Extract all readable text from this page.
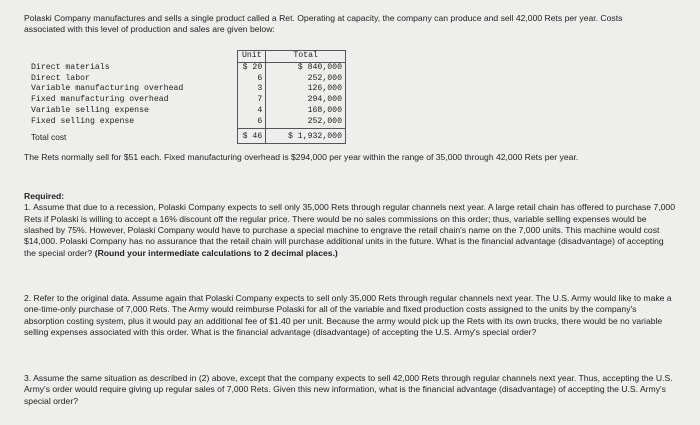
Polaski Company manufactures and sells a single product called a Ret. Operating at capacity, the company can produce and sell 42,000 Rets per year. Costs associated with this level of production and sales are given below:

	Unit	Total
Direct materials	$ 20	$ 840,000
Direct labor	6	252,000
Variable manufacturing overhead	3	126,000
Fixed manufacturing overhead	7	294,000
Variable selling expense	4	168,000
Fixed selling expense	6	252,000
Total cost	$ 46	$ 1,932,000

The Rets normally sell for $51 each. Fixed manufacturing overhead is $294,000 per year within the range of 35,000 through 42,000 Rets per year.

Required:

1. Assume that due to a recession, Polaski Company expects to sell only 35,000 Rets through regular channels next year. A large retail chain has offered to purchase 7,000 Rets if Polaski is willing to accept a 16% discount off the regular price. There would be no sales commissions on this order; thus, variable selling expenses would be slashed by 75%. However, Polaski Company would have to purchase a special machine to engrave the retail chain's name on the 7,000 units. This machine would cost $14,000. Polaski Company has no assurance that the retail chain will purchase additional units in the future. What is the financial advantage (disadvantage) of accepting the special order? (Round your intermediate calculations to 2 decimal places.)

2. Refer to the original data. Assume again that Polaski Company expects to sell only 35,000 Rets through regular channels next year. The U.S. Army would like to make a one-time-only purchase of 7,000 Rets. The Army would reimburse Polaski for all of the variable and fixed production costs assigned to the units by the company's absorption costing system, plus it would pay an additional fee of $1.40 per unit. Because the army would pick up the Rets with its own trucks, there would be no variable selling expenses associated with this order. What is the financial advantage (disadvantage) of accepting the U.S. Army's special order?

3. Assume the same situation as described in (2) above, except that the company expects to sell 42,000 Rets through regular channels next year. Thus, accepting the U.S. Army's order would require giving up regular sales of 7,000 Rets. Given this new information, what is the financial advantage (disadvantage) of accepting the U.S. Army's special order?
